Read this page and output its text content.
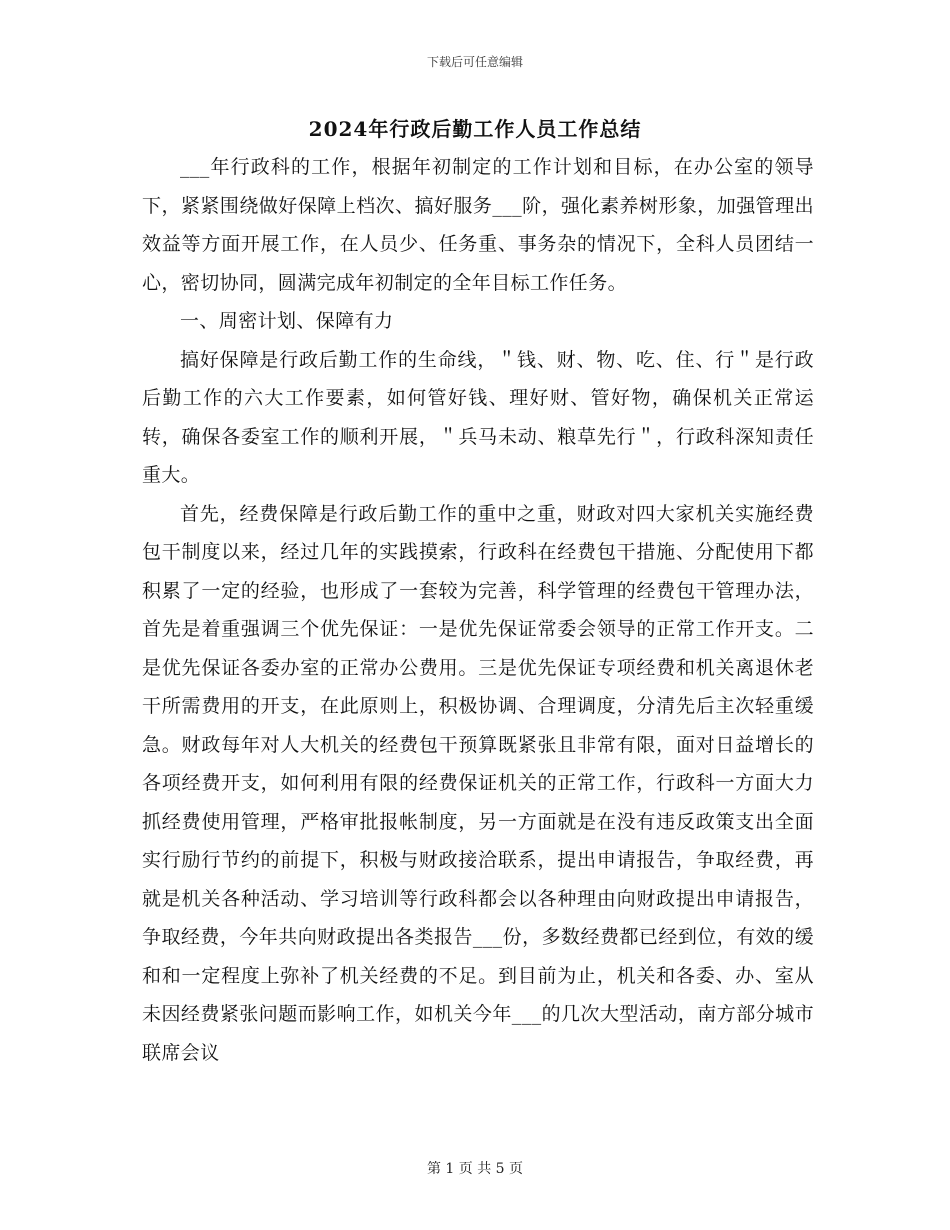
下载后可任意编辑
2024年行政后勤工作人员工作总结

___年行政科的工作，根据年初制定的工作计划和目标，在办公室的领导下，紧紧围绕做好保障上档次、搞好服务___阶，强化素养树形象，加强管理出效益等方面开展工作，在人员少、任务重、事务杂的情况下，全科人员团结一心，密切协同，圆满完成年初制定的全年目标工作任务。

一、周密计划、保障有力

搞好保障是行政后勤工作的生命线，＂钱、财、物、吃、住、行＂是行政后勤工作的六大工作要素，如何管好钱、理好财、管好物，确保机关正常运转，确保各委室工作的顺利开展，＂兵马未动、粮草先行＂，行政科深知责任重大。

首先，经费保障是行政后勤工作的重中之重，财政对四大家机关实施经费包干制度以来，经过几年的实践摸索，行政科在经费包干措施、分配使用下都积累了一定的经验，也形成了一套较为完善，科学管理的经费包干管理办法，首先是着重强调三个优先保证：一是优先保证常委会领导的正常工作开支。二是优先保证各委办室的正常办公费用。三是优先保证专项经费和机关离退休老干所需费用的开支，在此原则上，积极协调、合理调度，分清先后主次轻重缓急。财政每年对人大机关的经费包干预算既紧张且非常有限，面对日益增长的各项经费开支，如何利用有限的经费保证机关的正常工作，行政科一方面大力抓经费使用管理，严格审批报帐制度，另一方面就是在没有违反政策支出全面实行励行节约的前提下，积极与财政接洽联系，提出申请报告，争取经费，再就是机关各种活动、学习培训等行政科都会以各种理由向财政提出申请报告，争取经费，今年共向财政提出各类报告___份，多数经费都已经到位，有效的缓和和一定程度上弥补了机关经费的不足。到目前为止，机关和各委、办、室从未因经费紧张问题而影响工作，如机关今年___的几次大型活动，南方部分城市联席会议

第 1 页 共 5 页
